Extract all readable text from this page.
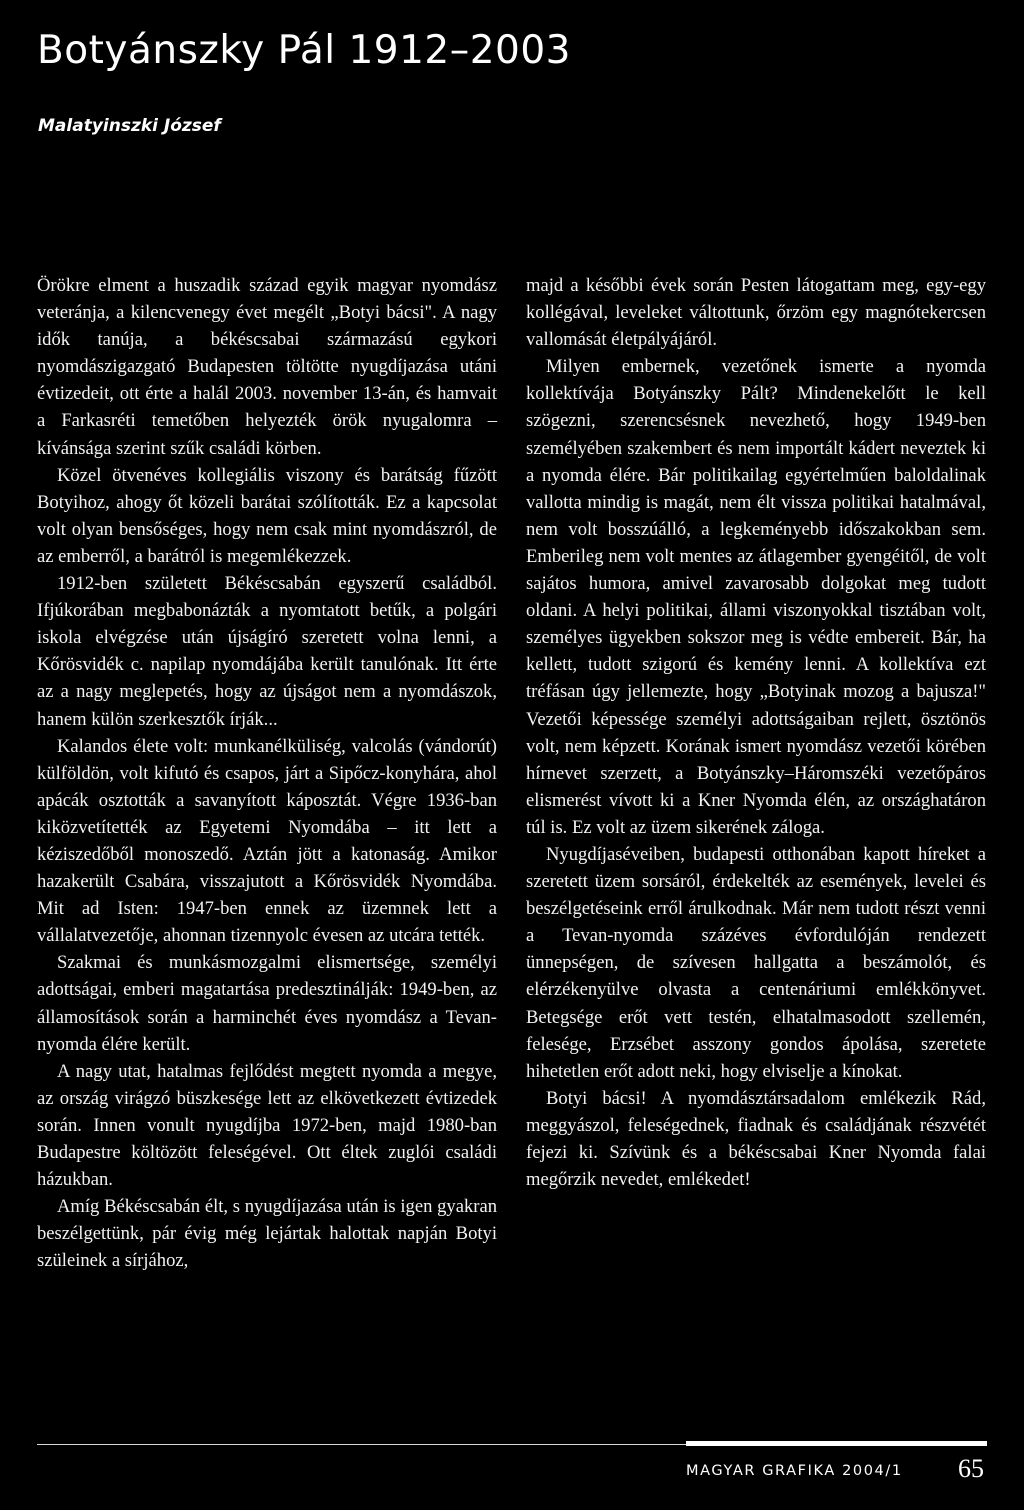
Botyánszky Pál 1912–2003

Malatyinszki József

Örökre elment a huszadik század egyik magyar nyomdász veteránja, a kilencvenegy évet megélt „Botyi bácsi". A nagy idők tanúja, a békéscsabai származású egykori nyomdászigazgató Budapesten töltötte nyugdíjazása utáni évtizedeit, ott érte a halál 2003. november 13-án, és hamvait a Farkasréti temetőben helyezték örök nyugalomra – kívánsága szerint szűk családi körben.

Közel ötvenéves kollegiális viszony és barátság fűzött Botyihoz, ahogy őt közeli barátai szólították. Ez a kapcsolat volt olyan bensőséges, hogy nem csak mint nyomdászról, de az emberről, a barátról is megemlékezzek.

1912-ben született Békéscsabán egyszerű családból. Ifjúkorában megbabonázták a nyomtatott betűk, a polgári iskola elvégzése után újságíró szeretett volna lenni, a Kőrösvidék c. napilap nyomdájába került tanulónak. Itt érte az a nagy meglepetés, hogy az újságot nem a nyomdászok, hanem külön szerkesztők írják...

Kalandos élete volt: munkanélküliség, valcolás (vándorút) külföldön, volt kifutó és csapos, járt a Sipőcz-konyhára, ahol apácák osztották a savanyított káposztát. Végre 1936-ban kiközvetítették az Egyetemi Nyomdába – itt lett a kéziszedőből monoszedő. Aztán jött a katonaság. Amikor hazakerült Csabára, visszajutott a Kőrösvidék Nyomdába. Mit ad Isten: 1947-ben ennek az üzemnek lett a vállalatvezetője, ahonnan tizennyolc évesen az utcára tették.

Szakmai és munkásmozgalmi elismertsége, személyi adottságai, emberi magatartása predesztinálják: 1949-ben, az államosítások során a harminchét éves nyomdász a Tevan-nyomda élére került.

A nagy utat, hatalmas fejlődést megtett nyomda a megye, az ország virágzó büszkesége lett az elkövetkezett évtizedek során. Innen vonult nyugdíjba 1972-ben, majd 1980-ban Budapestre költözött feleségével. Ott éltek zuglói családi házukban.

Amíg Békéscsabán élt, s nyugdíjazása után is igen gyakran beszélgettünk, pár évig még lejártak halottak napján Botyi szüleinek a sírjához,

majd a későbbi évek során Pesten látogattam meg, egy-egy kollégával, leveleket váltottunk, őrzöm egy magnótekercsen vallomását életpályájáról.

Milyen embernek, vezetőnek ismerte a nyomda kollektívája Botyánszky Pált? Mindenekelőtt le kell szögezni, szerencsésnek nevezhető, hogy 1949-ben személyében szakembert és nem importált kádert neveztek ki a nyomda élére. Bár politikailag egyértelműen baloldalinak vallotta mindig is magát, nem élt vissza politikai hatalmával, nem volt bosszúálló, a legkeményebb időszakokban sem. Emberileg nem volt mentes az átlagember gyengéitől, de volt sajátos humora, amivel zavarosabb dolgokat meg tudott oldani. A helyi politikai, állami viszonyokkal tisztában volt, személyes ügyekben sokszor meg is védte embereit. Bár, ha kellett, tudott szigorú és kemény lenni. A kollektíva ezt tréfásan úgy jellemezte, hogy „Botyinak mozog a bajusza!" Vezetői képessége személyi adottságaiban rejlett, ösztönös volt, nem képzett. Korának ismert nyomdász vezetői körében hírnevet szerzett, a Botyánszky–Háromszéki vezetőpáros elismerést vívott ki a Kner Nyomda élén, az országhatáron túl is. Ez volt az üzem sikerének záloga.

Nyugdíjaséveiben, budapesti otthonában kapott híreket a szeretett üzem sorsáról, érdekelték az események, levelei és beszélgetéseink erről árulkodnak. Már nem tudott részt venni a Tevan-nyomda százéves évfordulóján rendezett ünnepségen, de szívesen hallgatta a beszámolót, és elérzékenyülve olvasta a centenáriumi emlékkönyvet. Betegsége erőt vett testén, elhatalmasodott szellemén, felesége, Erzsébet asszony gondos ápolása, szeretete hihetetlen erőt adott neki, hogy elviselje a kínokat.

Botyi bácsi! A nyomdásztársadalom emlékezik Rád, meggyászol, feleségednek, fiadnak és családjának részvétét fejezi ki. Szívünk és a békéscsabai Kner Nyomda falai megőrzik nevedet, emlékedet!

MAGYAR GRAFIKA 2004/1 65
